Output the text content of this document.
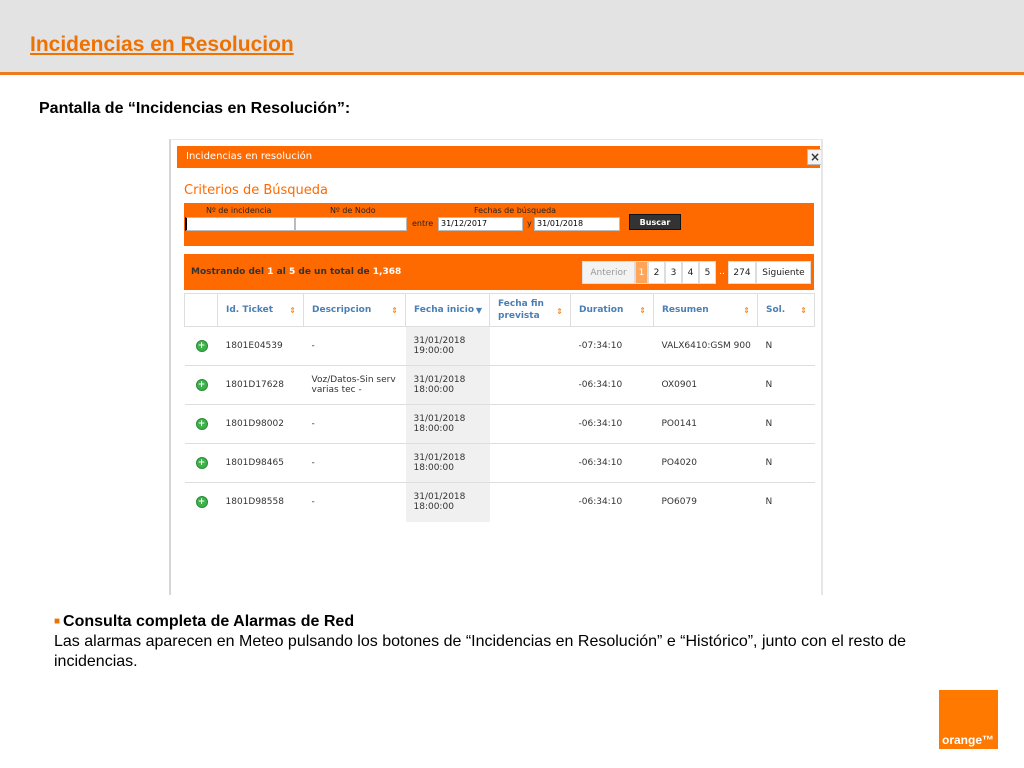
Incidencias en Resolucion
Pantalla de “Incidencias en Resolución”:
Incidencias en resolución	×
Criterios de Búsqueda
Nº de incidencia	Nº de Nodo	Fechas de búsqueda
entre 31/12/2017	y 31/01/2018	Buscar
Mostrando del 1 al 5 de un total de 1,368	Anterior	1	2	3	4	5 .. 274	Siguiente
	Id. Ticket ⇕	Descripcion ⇕	Fecha inicio ▼	Fecha fin prevista ⇕	Duration ⇕	Resumen ⇕	Sol. ⇕

+	1801E04539	-	31/01/2018
19:00:00		-07:34:10	VALX6410:GSM 900	N

+	1801D17628	Voz/Datos-Sin serv varias tec -	31/01/2018
18:00:00		-06:34:10	OX0901	N

+	1801D98002	-	31/01/2018
18:00:00		-06:34:10	PO0141	N

+	1801D98465	-	31/01/2018
18:00:00		-06:34:10	PO4020	N

+	1801D98558	-	31/01/2018
18:00:00		-06:34:10	PO6079	N
■ Consulta completa de Alarmas de Red
Las alarmas aparecen en Meteo pulsando los botones de “Incidencias en Resolución” e “Histórico”, junto con el resto de incidencias.
orange™
